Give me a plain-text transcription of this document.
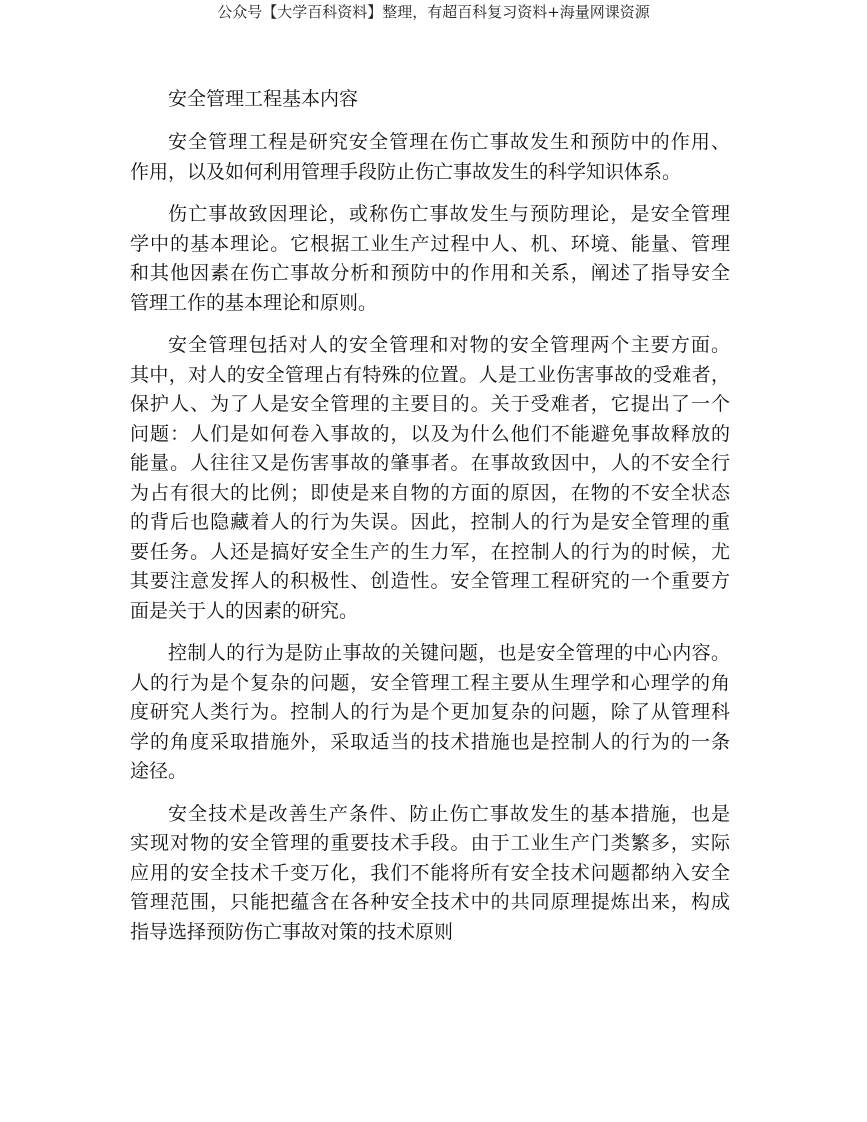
公众号【大学百科资料】整理，有超百科复习资料+海量网课资源
安全管理工程基本内容
安全管理工程是研究安全管理在伤亡事故发生和预防中的作用、
作用，以及如何利用管理手段防止伤亡事故发生的科学知识体系。
伤亡事故致因理论，或称伤亡事故发生与预防理论，是安全管理
学中的基本理论。它根据工业生产过程中人、机、环境、能量、管理
和其他因素在伤亡事故分析和预防中的作用和关系，阐述了指导安全
管理工作的基本理论和原则。
安全管理包括对人的安全管理和对物的安全管理两个主要方面。
其中，对人的安全管理占有特殊的位置。人是工业伤害事故的受难者，
保护人、为了人是安全管理的主要目的。关于受难者，它提出了一个
问题：人们是如何卷入事故的，以及为什么他们不能避免事故释放的
能量。人往往又是伤害事故的肇事者。在事故致因中，人的不安全行
为占有很大的比例；即使是来自物的方面的原因，在物的不安全状态
的背后也隐藏着人的行为失误。因此，控制人的行为是安全管理的重
要任务。人还是搞好安全生产的生力军，在控制人的行为的时候，尤
其要注意发挥人的积极性、创造性。安全管理工程研究的一个重要方
面是关于人的因素的研究。
控制人的行为是防止事故的关键问题，也是安全管理的中心内容。
人的行为是个复杂的问题，安全管理工程主要从生理学和心理学的角
度研究人类行为。控制人的行为是个更加复杂的问题，除了从管理科
学的角度采取措施外，采取适当的技术措施也是控制人的行为的一条
途径。
安全技术是改善生产条件、防止伤亡事故发生的基本措施，也是
实现对物的安全管理的重要技术手段。由于工业生产门类繁多，实际
应用的安全技术千变万化，我们不能将所有安全技术问题都纳入安全
管理范围，只能把蕴含在各种安全技术中的共同原理提炼出来，构成
指导选择预防伤亡事故对策的技术原则
